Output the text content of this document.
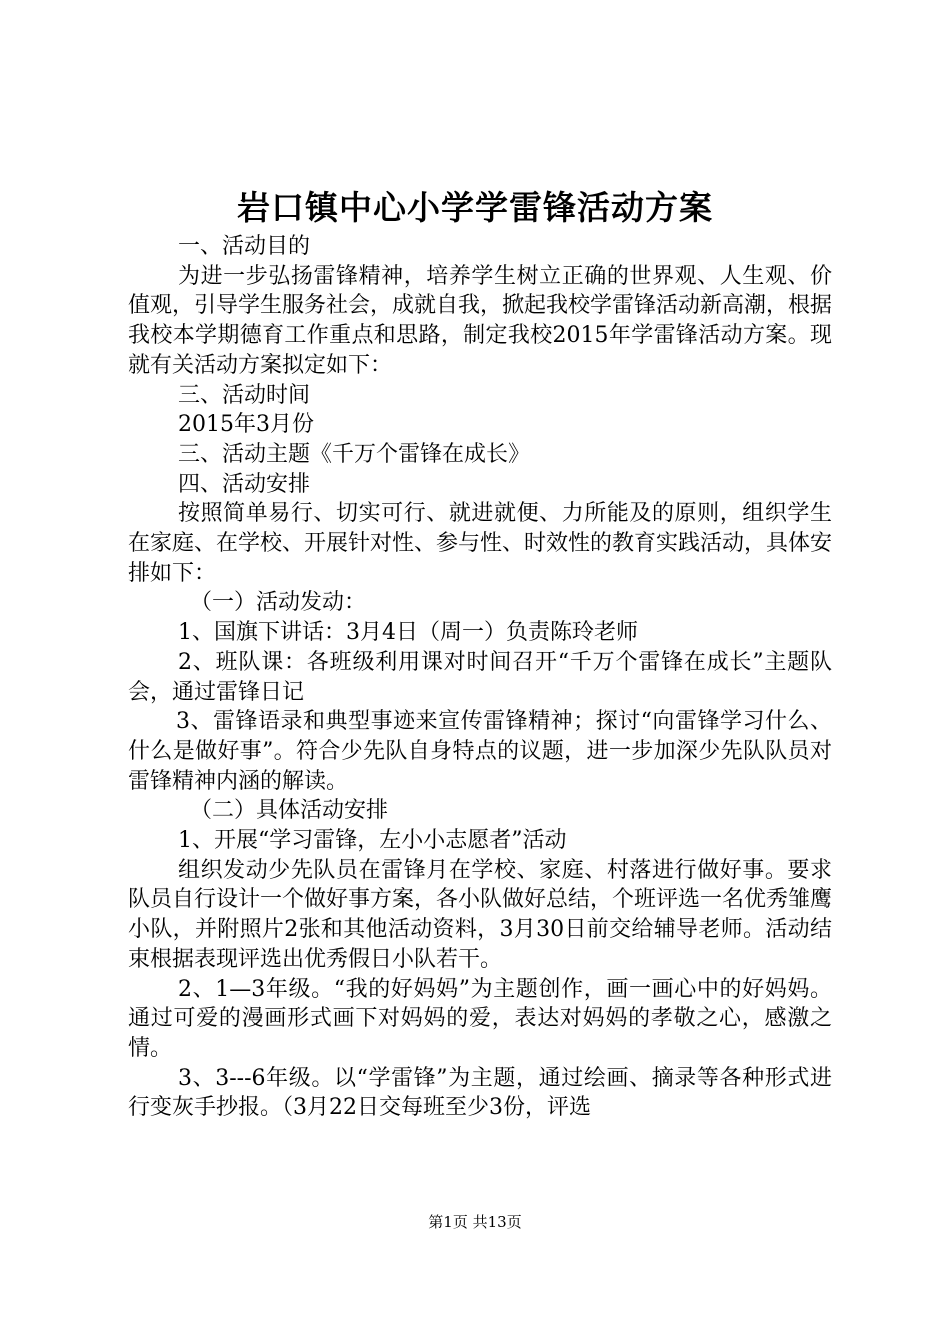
岩口镇中心小学学雷锋活动方案

一、活动目的

为进一步弘扬雷锋精神，培养学生树立正确的世界观、人生观、价值观，引导学生服务社会，成就自我，掀起我校学雷锋活动新高潮，根据我校本学期德育工作重点和思路，制定我校2015年学雷锋活动方案。现就有关活动方案拟定如下：

三、活动时间

2015年3月份

三、活动主题《千万个雷锋在成长》

四、活动安排

按照简单易行、切实可行、就进就便、力所能及的原则，组织学生在家庭、在学校、开展针对性、参与性、时效性的教育实践活动，具体安排如下：

（一）活动发动：

1、国旗下讲话：3月4日（周一）负责陈玲老师

2、班队课：各班级利用课对时间召开“千万个雷锋在成长”主题队会，通过雷锋日记

3、雷锋语录和典型事迹来宣传雷锋精神；探讨“向雷锋学习什么、什么是做好事”。符合少先队自身特点的议题，进一步加深少先队队员对雷锋精神内涵的解读。

（二）具体活动安排

1、开展“学习雷锋，左小小志愿者”活动

组织发动少先队员在雷锋月在学校、家庭、村落进行做好事。要求队员自行设计一个做好事方案，各小队做好总结，个班评选一名优秀雏鹰小队，并附照片2张和其他活动资料，3月30日前交给辅导老师。活动结束根据表现评选出优秀假日小队若干。

2、1—3年级。“我的好妈妈”为主题创作，画一画心中的好妈妈。通过可爱的漫画形式画下对妈妈的爱，表达对妈妈的孝敬之心，感激之情。

3、3---6年级。以“学雷锋”为主题，通过绘画、摘录等各种形式进行变灰手抄报。（3月22日交每班至少3份，评选

第1页 共13页
